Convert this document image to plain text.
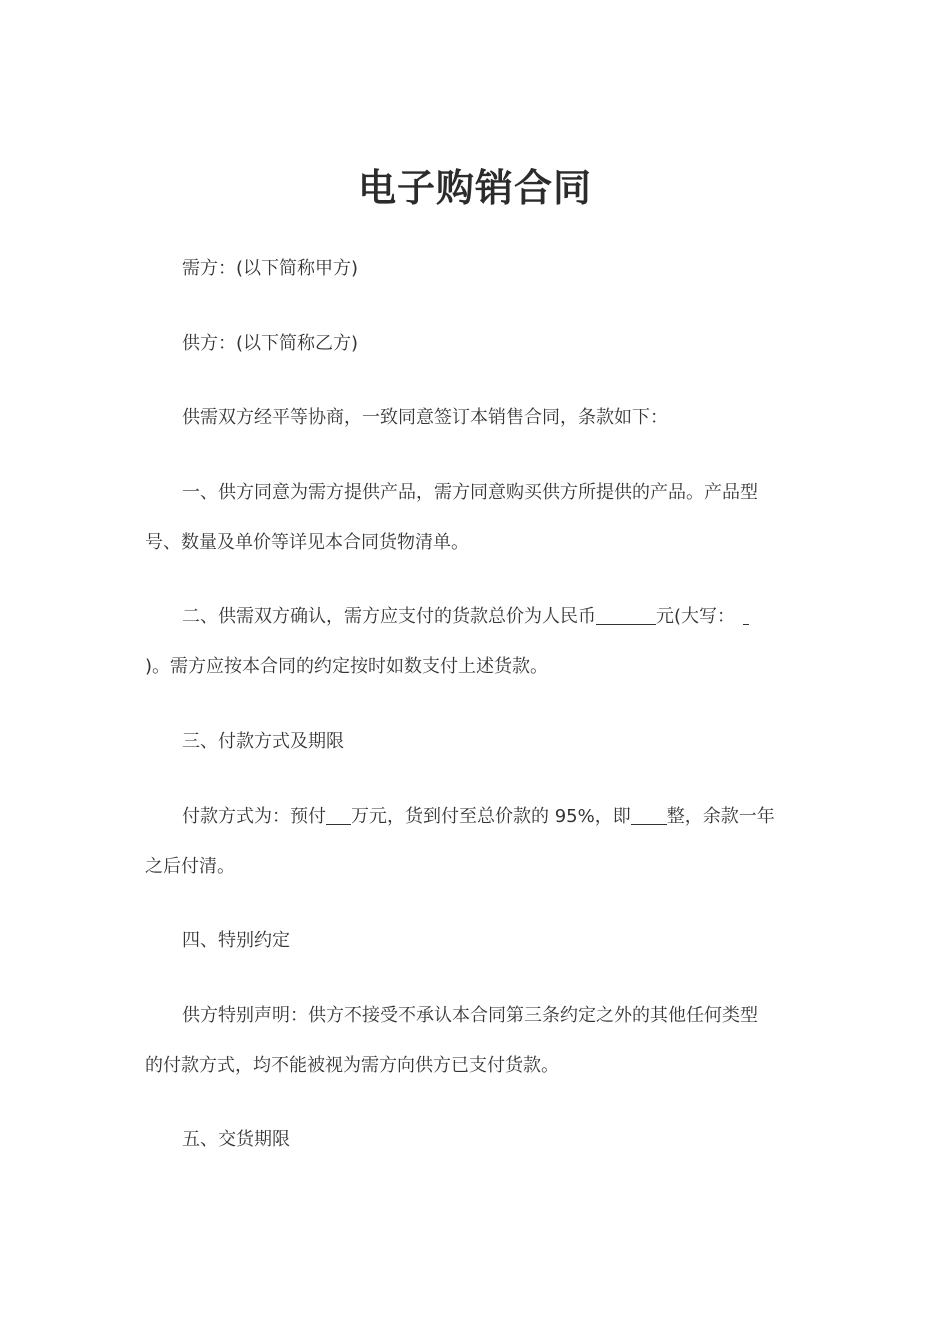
电子购销合同
需方：(以下简称甲方)
供方：(以下简称乙方)
供需双方经平等协商，一致同意签订本销售合同，条款如下：
一、供方同意为需方提供产品，需方同意购买供方所提供的产品。产品型
号、数量及单价等详见本合同货物清单。
二、供需双方确认，需方应支付的货款总价为人民币	元(大写：
)。需方应按本合同的约定按时如数支付上述货款。
三、付款方式及期限
付款方式为：预付 万元，货到付至总价款的 95%，即 整，余款一年
之后付清。
四、特别约定
供方特别声明：供方不接受不承认本合同第三条约定之外的其他任何类型
的付款方式，均不能被视为需方向供方已支付货款。
五、交货期限
